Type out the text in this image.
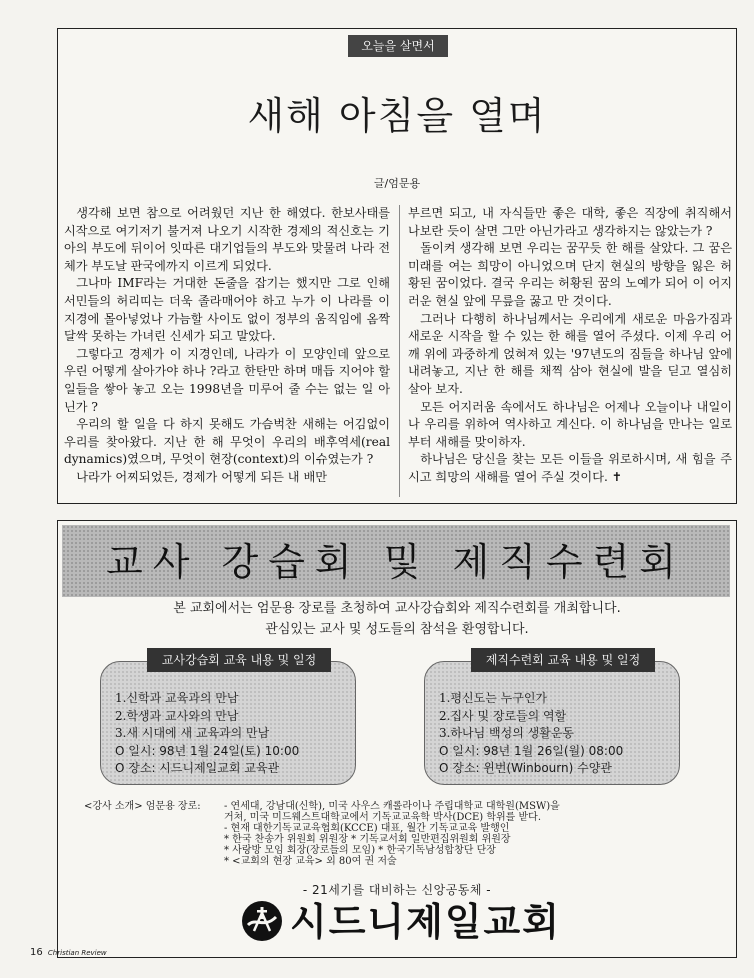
오늘을 살면서
새해 아침을 열며
글/엄문용

생각해 보면 참으로 어려웠던 지난 한 해였다. 한보사태를 시작으로 여기저기 불거져 나오기 시작한 경제의 적신호는 기아의 부도에 뒤이어 잇따른 대기업들의 부도와 맞물려 나라 전체가 부도날 판국에까지 이르게 되었다.

그나마 IMF라는 거대한 돈줄을 잡기는 했지만 그로 인해 서민들의 허리띠는 더욱 졸라매어야 하고 누가 이 나라를 이 지경에 몰아넣었나 가늠할 사이도 없이 정부의 움직임에 옴짝달싹 못하는 가녀린 신세가 되고 말았다.

그렇다고 경제가 이 지경인데, 나라가 이 모양인데 앞으로 우린 어떻게 살아가야 하나 ?라고 한탄만 하며 매듭 지어야 할 일들을 쌓아 놓고 오는 1998년을 미루어 줄 수는 없는 일 아닌가 ?

우리의 할 일을 다 하지 못해도 가슴벅찬 새해는 어김없이 우리를 찾아왔다. 지난 한 해 무엇이 우리의 배후역세(real dynamics)였으며, 무엇이 현장(context)의 이슈였는가 ?

나라가 어찌되었든, 경제가 어떻게 되든 내 배만

부르면 되고, 내 자식들만 좋은 대학, 좋은 직장에 취직해서 나보란 듯이 살면 그만 아닌가라고 생각하지는 않았는가 ?

돌이켜 생각해 보면 우리는 꿈꾸듯 한 해를 살았다. 그 꿈은 미래를 여는 희망이 아니었으며 단지 현실의 방향을 잃은 허황된 꿈이었다. 결국 우리는 허황된 꿈의 노예가 되어 이 어지러운 현실 앞에 무릎을 꿇고 만 것이다.

그러나 다행히 하나님께서는 우리에게 새로운 마음가짐과 새로운 시작을 할 수 있는 한 해를 열어 주셨다. 이제 우리 어깨 위에 과중하게 얹혀져 있는 '97년도의 짐들을 하나님 앞에 내려놓고, 지난 한 해를 채찍 삼아 현실에 발을 딛고 열심히 살아 보자.

모든 어지러움 속에서도 하나님은 어제나 오늘이나 내일이나 우리를 위하여 역사하고 계신다. 이 하나님을 만나는 일로부터 새해를 맞이하자.

하나님은 당신을 찾는 모든 이들을 위로하시며, 새 힘을 주시고 희망의 새해를 열어 주실 것이다. ✝

교사 강습회 및 제직수련회
본 교회에서는 엄문용 장로를 초청하여 교사강습회와 제직수련회를 개최합니다.
관심있는 교사 및 성도들의 참석을 환영합니다.
교사강습회 교육 내용 및 일정
1.신학과 교육과의 만남
2.학생과 교사와의 만남
3.새 시대에 새 교육과의 만남
O 일시: 98년 1월 24일(토) 10:00
O 장소: 시드니제일교회 교육관
제직수련회 교육 내용 및 일정
1.평신도는 누구인가
2.집사 및 장로들의 역할
3.하나님 백성의 생활운동
O 일시: 98년 1월 26일(월) 08:00
O 장소: 윈번(Winbourn) 수양관
<강사 소개> 엄문용 장로: - 연세대, 강남대(신학), 미국 사우스 캐롤라이나 주립대학교 대학원(MSW)을
거쳐, 미국 미드웨스트대학교에서 기독교교육학 박사(DCE) 학위를 받다.
- 현재 대한기독교교육협회(KCCE) 대표, 월간 기독교교육 발행인
* 한국 찬송가 위원회 위원장 * 기독교서회 일반편집위원회 위원장
* 사랑방 모임 회장(장로들의 모임) * 한국기독남성합창단 단장
* <교회의 현장 교육> 외 80여 권 저술
- 21세기를 대비하는 신앙공동체 -
시드니제일교회
16 Christian Review
